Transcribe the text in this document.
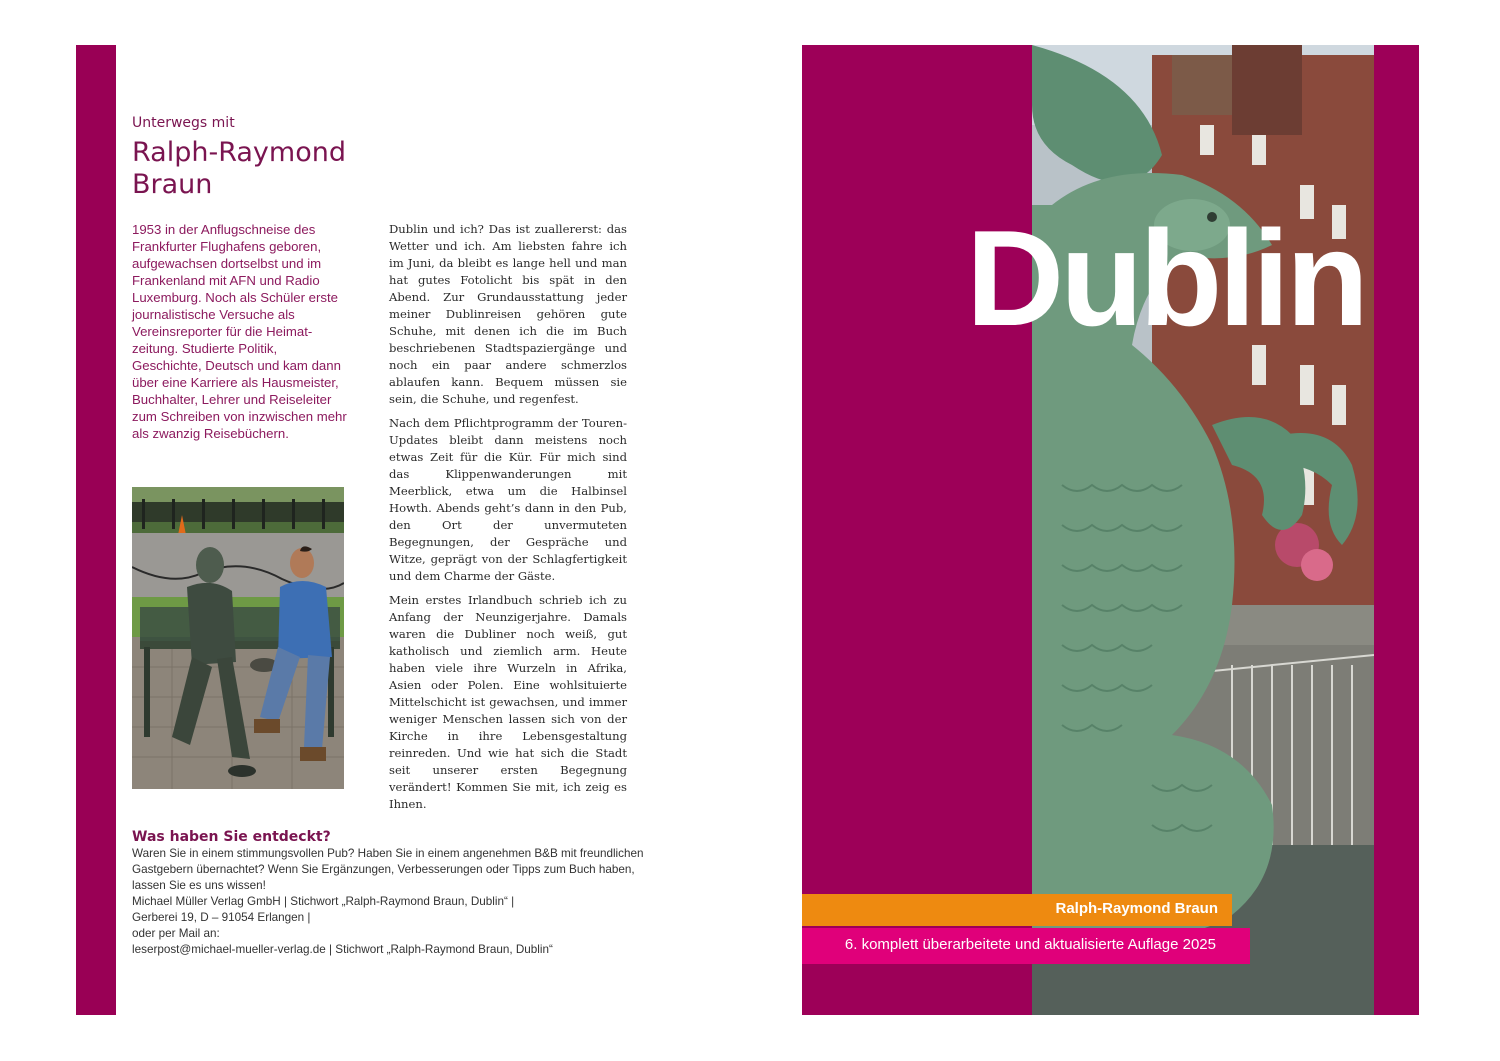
Unterwegs mit
Ralph-Raymond
Braun
1953 in der Anflugschneise des Frankfurter Flughafens geboren, aufgewachsen dortselbst und im Frankenland mit AFN und Radio Luxemburg. Noch als Schüler erste journalistische Versuche als Vereinsreporter für die Heimatzeitung. Studierte Politik, Geschichte, Deutsch und kam dann über eine Karriere als Hausmeister, Buchhalter, Lehrer und Reiseleiter zum Schreiben von inzwischen mehr als zwanzig Reisebüchern.

Dublin und ich? Das ist zuallererst: das Wetter und ich. Am liebsten fahre ich im Juni, da bleibt es lange hell und man hat gutes Fotolicht bis spät in den Abend. Zur Grundausstattung jeder meiner Dublinreisen gehören gute Schuhe, mit denen ich die im Buch beschriebenen Stadtspaziergänge und noch ein paar andere schmerzlos ablaufen kann. Bequem müssen sie sein, die Schuhe, und regenfest.

Nach dem Pflichtprogramm der Touren-Updates bleibt dann meistens noch etwas Zeit für die Kür. Für mich sind das Klippenwanderungen mit Meerblick, etwa um die Halbinsel Howth. Abends geht’s dann in den Pub, den Ort der unvermuteten Begegnungen, der Gespräche und Witze, geprägt von der Schlagfertigkeit und dem Charme der Gäste.

Mein erstes Irlandbuch schrieb ich zu Anfang der Neunzigerjahre. Damals waren die Dubliner noch weiß, gut katholisch und ziemlich arm. Heute haben viele ihre Wurzeln in Afrika, Asien oder Polen. Eine wohlsituierte Mittelschicht ist gewachsen, und immer weniger Menschen lassen sich von der Kirche in ihre Lebensgestaltung reinreden. Und wie hat sich die Stadt seit unserer ersten Begegnung verändert! Kommen Sie mit, ich zeig es Ihnen.

Was haben Sie entdeckt?
Waren Sie in einem stimmungsvollen Pub? Haben Sie in einem angenehmen B&B mit freundlichen
Gastgebern übernachtet? Wenn Sie Ergänzungen, Verbesserungen oder Tipps zum Buch haben,
lassen Sie es uns wissen!
Michael Müller Verlag GmbH | Stichwort „Ralph-Raymond Braun, Dublin“ |
Gerberei 19, D – 91054 Erlangen |
oder per Mail an:
leserpost@michael-mueller-verlag.de | Stichwort „Ralph-Raymond Braun, Dublin“
Dublin
Ralph-Raymond Braun
6. komplett überarbeitete und aktualisierte Auflage 2025
